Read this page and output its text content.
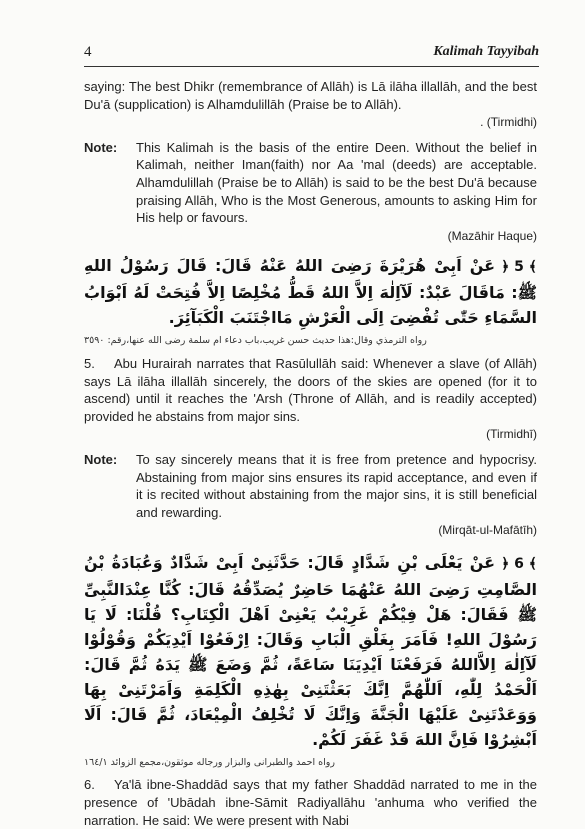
4	Kalimah Tayyibah

saying: The best Dhikr (remembrance of Allāh) is Lā ilāha illallāh, and the best Du'ā (supplication) is Alhamdulillāh (Praise be to Allāh).

. (Tirmidhi)
Note:	This Kalimah is the basis of the entire Deen. Without the belief in Kalimah, neither Iman(faith) nor Aa 'mal (deeds) are acceptable. Alhamdulillah (Praise be to Allāh) is said to be the best Du'ā because praising Allāh, Who is the Most Generous, amounts to asking Him for His help or favours.

(Mazāhir Haque)
﴿ 5 ﴾عَنْ اَبِىْ هُرَيْرَةَ رَضِىَ اللهُ عَنْهُ قَالَ: قَالَ رَسُوْلُ اللهِ ﷺ: مَاقَالَ عَبْدٌ: لَآاِلٰهَ اِلاَّ اللهُ قَطُّ مُخْلِصًا اِلاَّ فُتِحَتْ لَهُ اَبْوَابُ السَّمَاءِ حَتّٰى تُفْضِىَ اِلَى الْعَرْشِ مَااجْتَنَبَ الْكَبَآئِرَ.
رواه الترمذي وقال:هذا حديث حسن غريب،باب دعاء ام سلمة رضى الله عنها،رقم: ٣٥٩٠

5. Abu Hurairah narrates that Rasūlullāh said: Whenever a slave (of Allāh) says Lā ilāha illallāh sincerely, the doors of the skies are opened (for it to ascend) until it reaches the 'Arsh (Throne of Allāh, and is readily accepted) provided he abstains from major sins.

(Tirmidhī)
Note:	To say sincerely means that it is free from pretence and hypocrisy. Abstaining from major sins ensures its rapid acceptance, and even if it is recited without abstaining from the major sins, it is still beneficial and rewarding.

(Mirqāt-ul-Mafātīh)
﴿ 6 ﴾عَنْ يَعْلَى بْنِ شَدَّادٍ قَالَ: حَدَّثَنِىْ اَبِىْ شَدَّادٌ وَعُبَادَةُ بْنُ الصَّامِتِ رَضِىَ اللهُ عَنْهُمَا حَاضِرٌ يُصَدِّقُهُ قَالَ: كُنَّا عِنْدَالنَّبِىِّ ﷺ فَقَالَ: هَلْ فِيْكُمْ غَرِيْبٌ يَعْنِىْ اَهْلَ الْكِتَابِ؟ قُلْنَا: لَا يَا رَسُوْلَ اللهِ! فَاَمَرَ بِغَلْقِ الْبَابِ وَقَالَ: اِرْفَعُوْا اَيْدِيَكُمْ وَقُوْلُوْا لَآاِلٰهَ اِلاَّاللهُ فَرَفَعْنَا اَيْدِيَنَا سَاعَةً، ثُمَّ وَضَعَ ﷺ يَدَهُ ثُمَّ قَالَ: اَلْحَمْدُ لِلّٰهِ، اَللّٰهُمَّ اِنَّكَ بَعَثْتَنِىْ بِهٰذِهِ الْكَلِمَةِ وَاَمَرْتَنِىْ بِهَا وَوَعَدْتَنِىْ عَلَيْهَا الْجَنَّةَ وَاِنَّكَ لَا تُخْلِفُ الْمِيْعَادَ، ثُمَّ قَالَ: اَلَا اَبْشِرُوْا فَاِنَّ اللهَ قَدْ غَفَرَ لَكُمْ.
رواه احمد والطبرانى والبزار ورجاله موثقون،مجمع الزوائد ١٦٤/١

6. Ya'lā ibne-Shaddād says that my father Shaddād narrated to me in the presence of 'Ubādah ibne-Sāmit Radiyallāhu 'anhuma who verified the narration. He said: We were present with Nabi
